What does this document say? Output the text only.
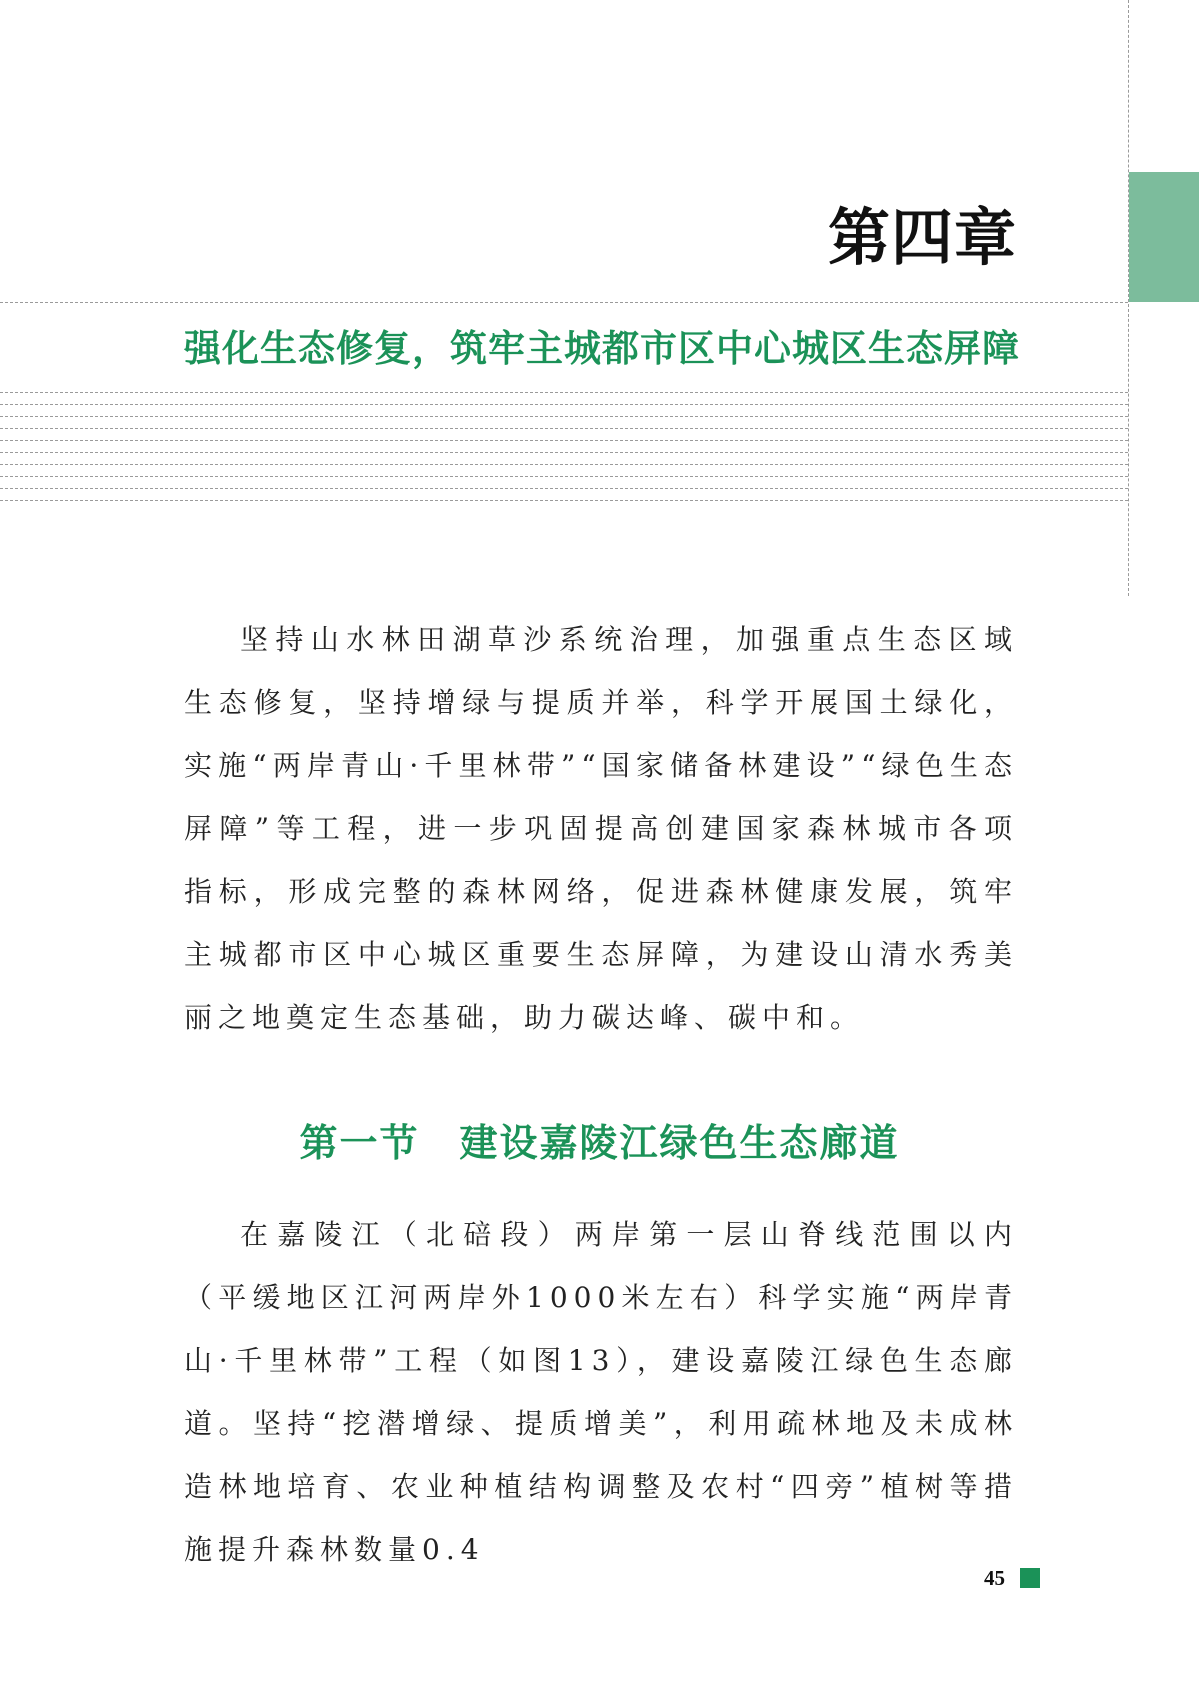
第四章
强化生态修复，筑牢主城都市区中心城区生态屏障

坚持山水林田湖草沙系统治理，加强重点生态区域生态修复，坚持增绿与提质并举，科学开展国土绿化，实施“两岸青山·千里林带”“国家储备林建设”“绿色生态屏障”等工程，进一步巩固提高创建国家森林城市各项指标，形成完整的森林网络，促进森林健康发展，筑牢主城都市区中心城区重要生态屏障，为建设山清水秀美丽之地奠定生态基础，助力碳达峰、碳中和。

第一节 建设嘉陵江绿色生态廊道

在嘉陵江（北碚段）两岸第一层山脊线范围以内（平缓地区江河两岸外1000米左右）科学实施“两岸青山·千里林带”工程（如图13），建设嘉陵江绿色生态廊道。坚持“挖潜增绿、提质增美”，利用疏林地及未成林造林地培育、农业种植结构调整及农村“四旁”植树等措施提升森林数量0.4

45
